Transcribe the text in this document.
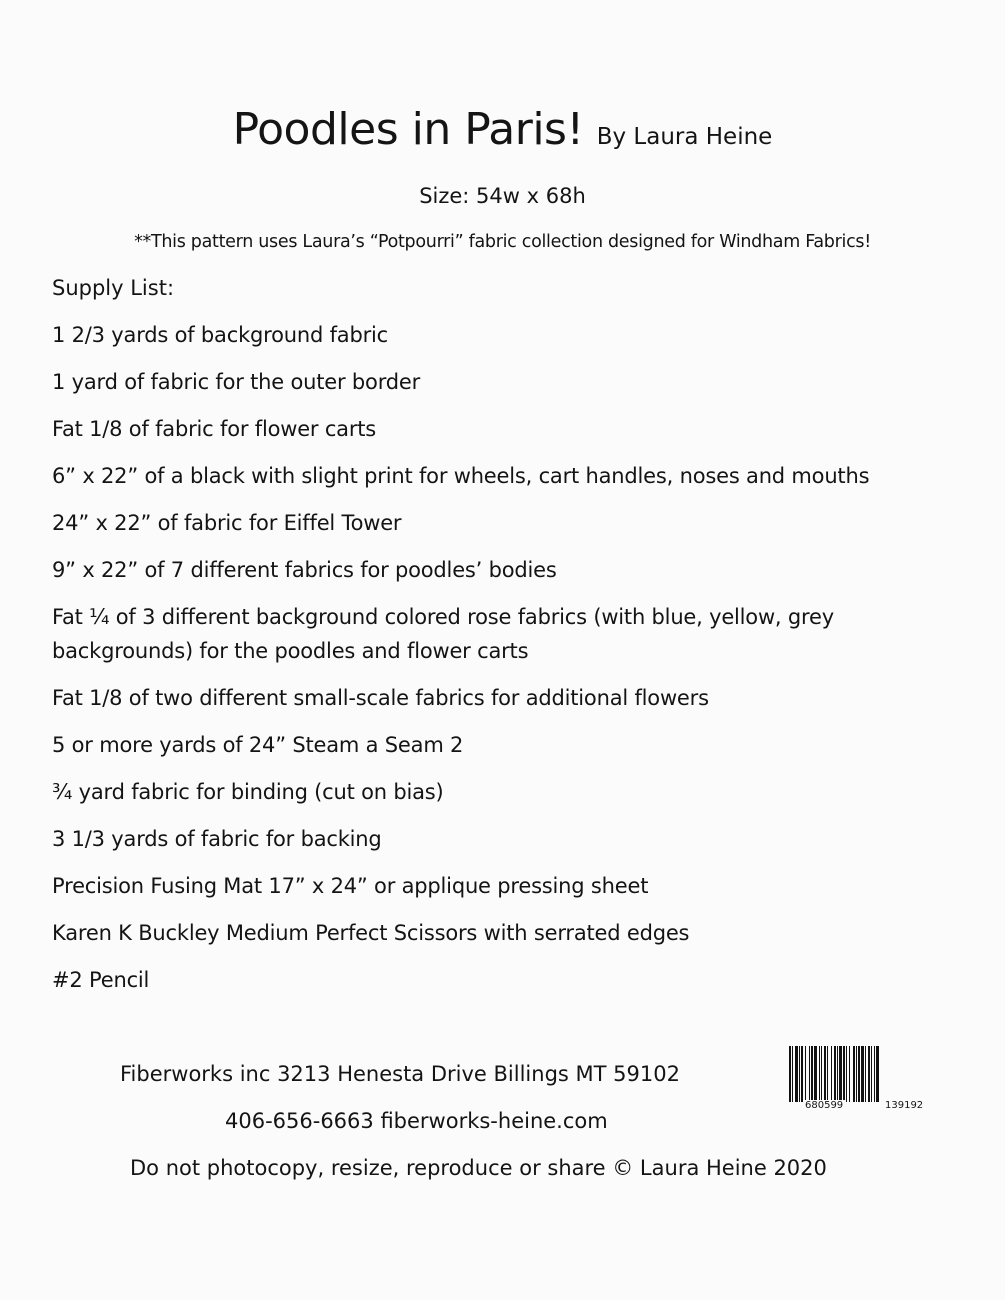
Poodles in Paris! By Laura Heine
Size: 54w x 68h
**This pattern uses Laura’s “Potpourri” fabric collection designed for Windham Fabrics!
Supply List:
1 2/3 yards of background fabric
1 yard of fabric for the outer border
Fat 1/8 of fabric for flower carts
6” x 22” of a black with slight print for wheels, cart handles, noses and mouths
24” x 22” of fabric for Eiffel Tower
9” x 22” of 7 different fabrics for poodles’ bodies
Fat ¼ of 3 different background colored rose fabrics (with blue, yellow, grey backgrounds) for the poodles and flower carts
Fat 1/8 of two different small-scale fabrics for additional flowers
5 or more yards of 24” Steam a Seam 2
¾ yard fabric for binding (cut on bias)
3 1/3 yards of fabric for backing
Precision Fusing Mat 17” x 24” or applique pressing sheet
Karen K Buckley Medium Perfect Scissors with serrated edges
#2 Pencil
Fiberworks inc 3213 Henesta Drive Billings MT 59102
406-656-6663 fiberworks-heine.com
Do not photocopy, resize, reproduce or share © Laura Heine 2020
680599	139192
